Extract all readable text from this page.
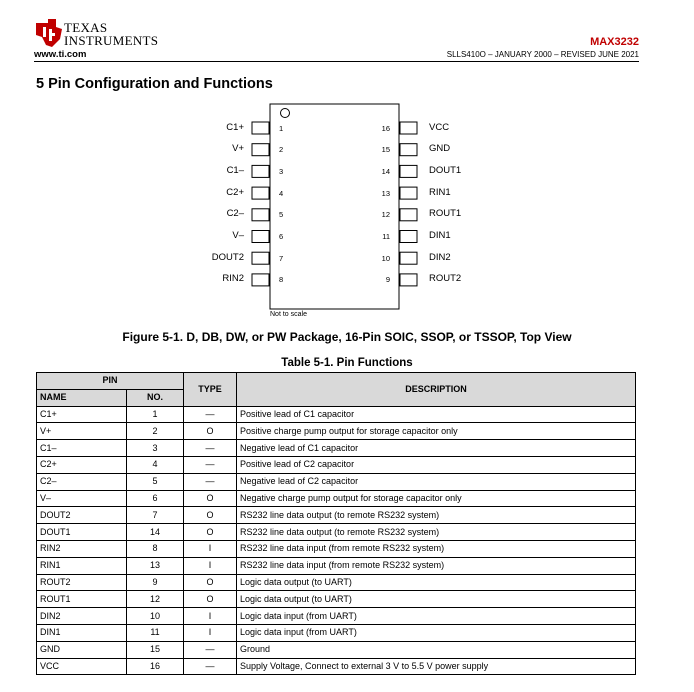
TEXAS
INSTRUMENTS
www.ti.com
MAX3232
SLLS410O – JANUARY 2000 – REVISED JUNE 2021
5 Pin Configuration and Functions
C1+	1
V+	2
C1–	3
C2+	4
C2–	5
V–	6
DOUT2	7
RIN2	8
VCC
16
GND
15
DOUT1
14
RIN1
13
ROUT1
12
DIN1
11
DIN2
10
ROUT2
9
Not to scale
Figure 5-1. D, DB, DW, or PW Package, 16-Pin SOIC, SSOP, or TSSOP, Top View
Table 5-1. Pin Functions
PIN		TYPE	DESCRIPTION
NAME	NO.		
C1+	1	—	Positive lead of C1 capacitor
V+	2	O	Positive charge pump output for storage capacitor only
C1–	3	—	Negative lead of C1 capacitor
C2+	4	—	Positive lead of C2 capacitor
C2–	5	—	Negative lead of C2 capacitor
V–	6	O	Negative charge pump output for storage capacitor only
DOUT2	7	O	RS232 line data output (to remote RS232 system)
DOUT1	14	O	RS232 line data output (to remote RS232 system)
RIN2	8	I	RS232 line data input (from remote RS232 system)
RIN1	13	I	RS232 line data input (from remote RS232 system)
ROUT2	9	O	Logic data output (to UART)
ROUT1	12	O	Logic data output (to UART)
DIN2	10	I	Logic data input (from UART)
DIN1	11	I	Logic data input (from UART)
GND	15	—	Ground
VCC	16	—	Supply Voltage, Connect to external 3 V to 5.5 V power supply
